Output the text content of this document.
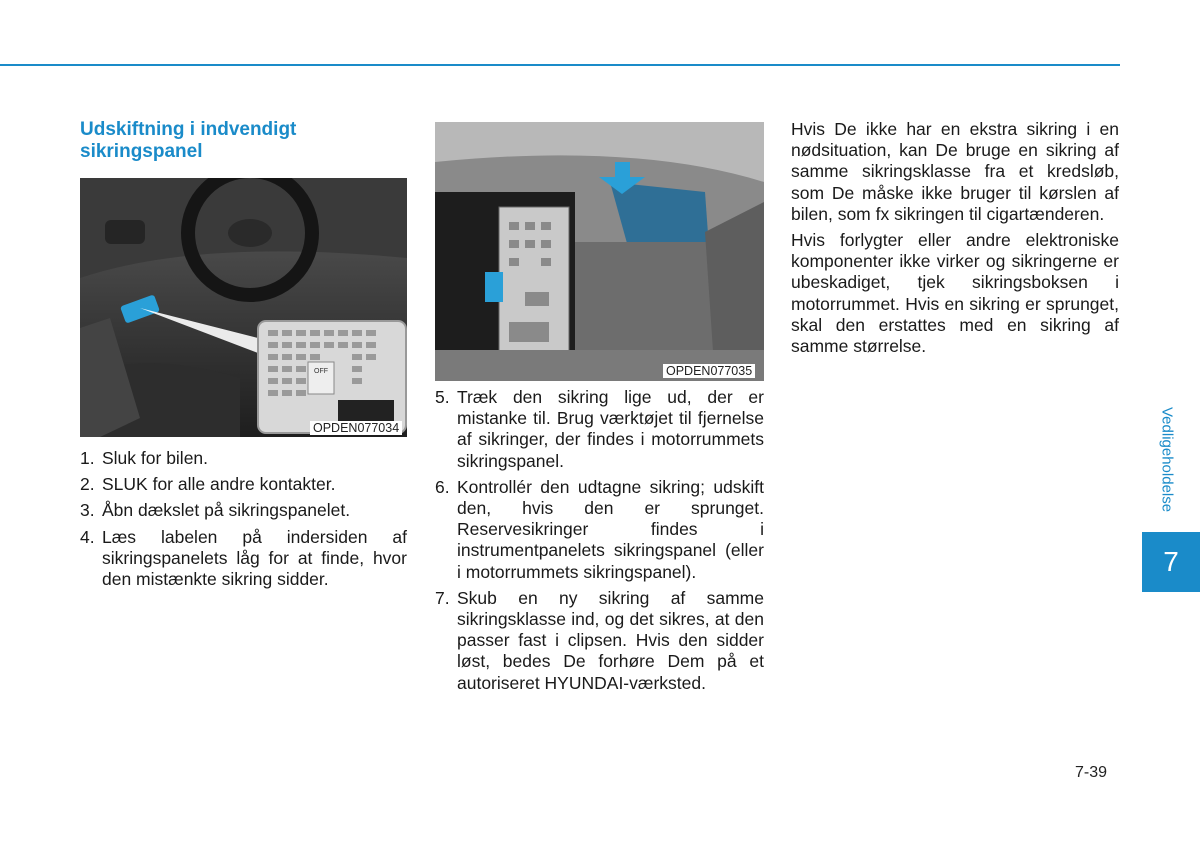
Udskiftning i indvendigt sikringspanel
OFF
OPDEN077034
OPDEN077035
1. Sluk for bilen.
2. SLUK for alle andre kontakter.
3. Åbn dækslet på sikringspanelet.
4. Læs labelen på indersiden af sikringspanelets låg for at finde, hvor den mistænkte sikring sidder.
5. Træk den sikring lige ud, der er mistanke til. Brug værktøjet til fjernelse af sikringer, der findes i motorrummets sikringspanel.
6. Kontrollér den udtagne sikring; udskift den, hvis den er sprunget. Reservesikringer findes i instrumentpanelets sikringspanel (eller i motorrummets sikringspanel).
7. Skub en ny sikring af samme sikringsklasse ind, og det sikres, at den passer fast i clipsen. Hvis den sidder løst, bedes De forhøre Dem på et autoriseret HYUNDAI-værksted.

Hvis De ikke har en ekstra sikring i en nødsituation, kan De bruge en sikring af samme sikringsklasse fra et kredsløb, som De måske ikke bruger til kørslen af bilen, som fx sikringen til cigartænderen.

Hvis forlygter eller andre elektroniske komponenter ikke virker og sikringerne er ubeskadiget, tjek sikringsboksen i motorrummet. Hvis en sikring er sprunget, skal den erstattes med en sikring af samme størrelse.

Vedligeholdelse
7
7-39
